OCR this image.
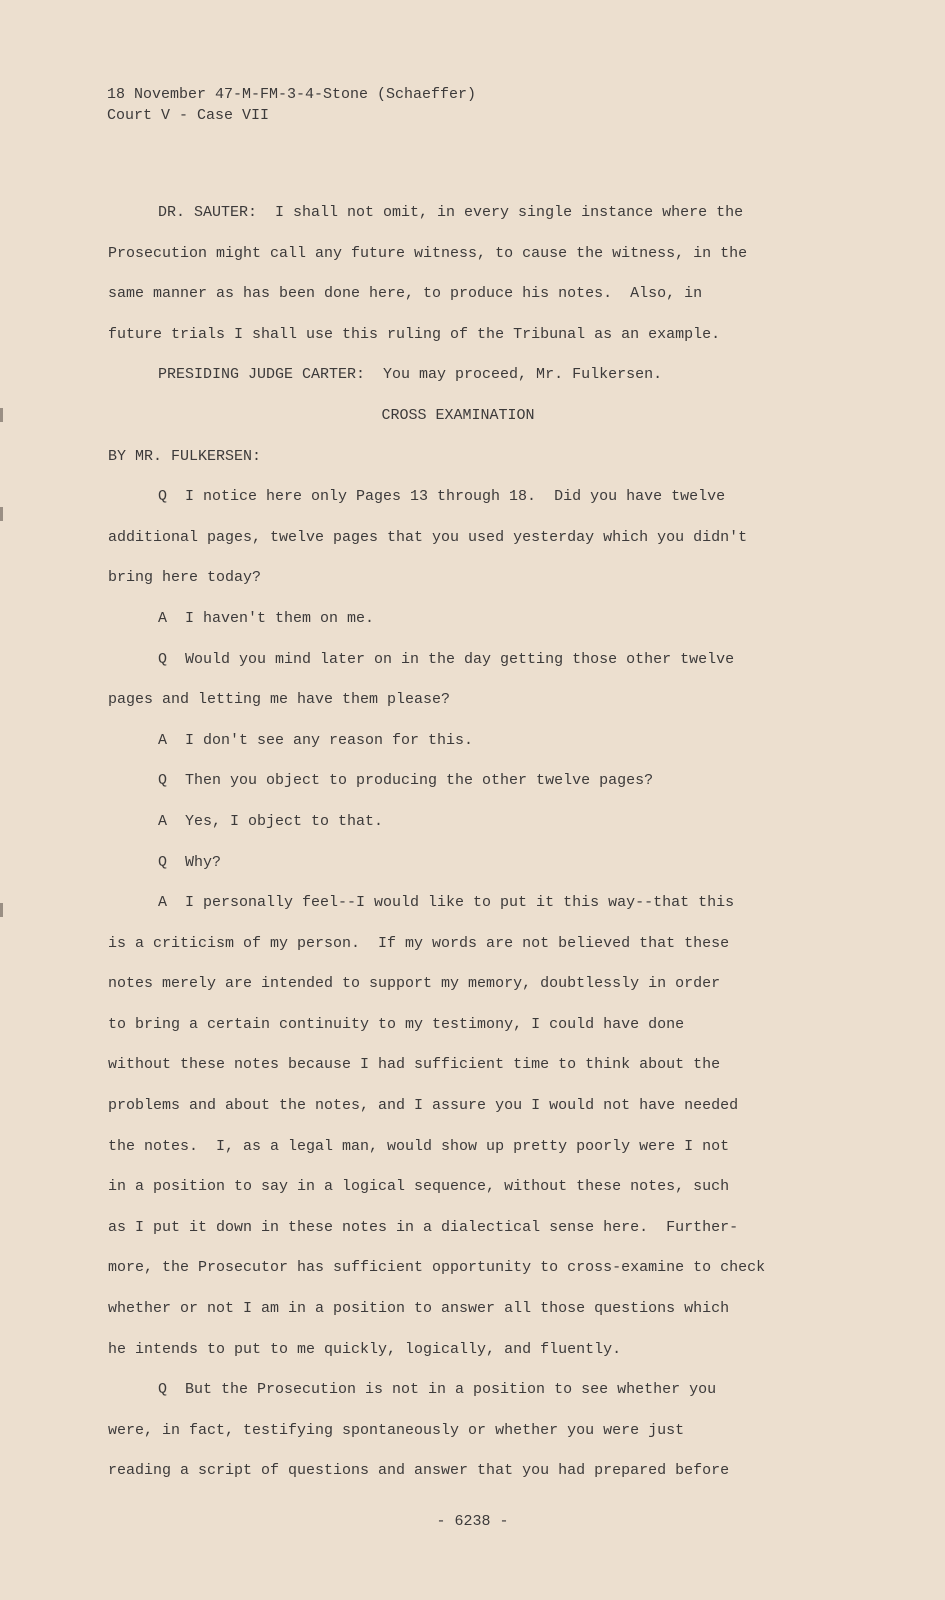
18 November 47-M-FM-3-4-Stone (Schaeffer)
Court V - Case VII
DR. SAUTER:  I shall not omit, in every single instance where the
Prosecution might call any future witness, to cause the witness, in the
same manner as has been done here, to produce his notes.  Also, in
future trials I shall use this ruling of the Tribunal as an example.
PRESIDING JUDGE CARTER:  You may proceed, Mr. Fulkersen.
CROSS EXAMINATION
BY MR. FULKERSEN:
Q  I notice here only Pages 13 through 18.  Did you have twelve
additional pages, twelve pages that you used yesterday which you didn't
bring here today?
A  I haven't them on me.
Q  Would you mind later on in the day getting those other twelve
pages and letting me have them please?
A  I don't see any reason for this.
Q  Then you object to producing the other twelve pages?
A  Yes, I object to that.
Q  Why?
A  I personally feel--I would like to put it this way--that this
is a criticism of my person.  If my words are not believed that these
notes merely are intended to support my memory, doubtlessly in order
to bring a certain continuity to my testimony, I could have done
without these notes because I had sufficient time to think about the
problems and about the notes, and I assure you I would not have needed
the notes.  I, as a legal man, would show up pretty poorly were I not
in a position to say in a logical sequence, without these notes, such
as I put it down in these notes in a dialectical sense here.  Further-
more, the Prosecutor has sufficient opportunity to cross-examine to check
whether or not I am in a position to answer all those questions which
he intends to put to me quickly, logically, and fluently.
Q  But the Prosecution is not in a position to see whether you
were, in fact, testifying spontaneously or whether you were just
reading a script of questions and answer that you had prepared before
- 6238 -
